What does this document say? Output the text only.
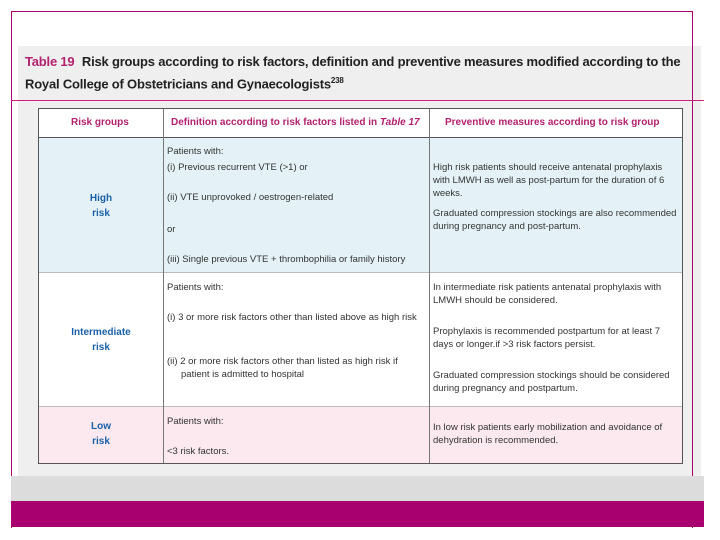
Table 19 Risk groups according to risk factors, definition and preventive measures modified according to the Royal College of Obstetricians and Gynaecologists$^{238}$
High
risk
Patients with:
(i) Previous recurrent VTE (>1) or
(ii) VTE unprovoked / oestrogen-related
or
(iii) Single previous VTE + thrombophilia or family history
High risk patients should receive antenatal prophylaxis with LMWH as well as post-partum for the duration of 6 weeks.
Graduated compression stockings are also recommended during pregnancy and post-partum.
Intermediate
risk
Patients with:
(i) 3 or more risk factors other than listed above as high risk
(ii) 2 or more risk factors other than listed as high risk if
patient is admitted to hospital
In intermediate risk patients antenatal prophylaxis with LMWH should be considered.
Prophylaxis is recommended postpartum for at least 7 days or longer.if >3 risk factors persist.
Graduated compression stockings should be considered during pregnancy and postpartum.
Low
risk
Patients with:
<3 risk factors.
In low risk patients early mobilization and avoidance of dehydration is recommended.
Risk groups	Definition according to risk factors listed in Table 17	Preventive measures according to risk group
